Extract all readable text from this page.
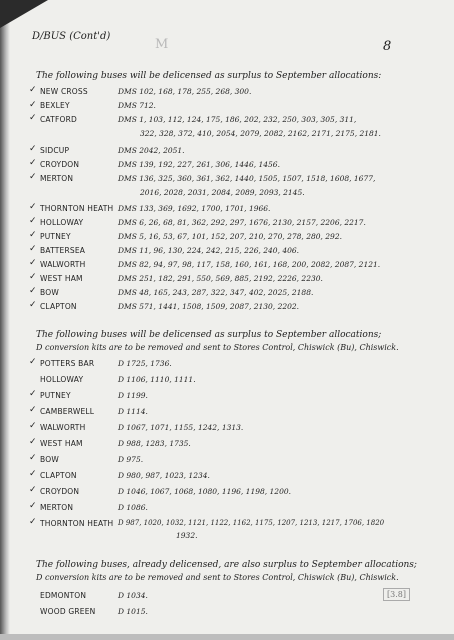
D/BUS (Cont'd)
M	8
The following buses will be delicensed as surplus to September allocations:
✓ NEW CROSS	DMS 102, 168, 178, 255, 268, 300.
✓ BEXLEY	DMS 712.
✓ CATFORD	DMS 1, 103, 112, 124, 175, 186, 202, 232, 250, 303, 305, 311,
322, 328, 372, 410, 2054, 2079, 2082, 2162, 2171, 2175, 2181.
✓ SIDCUP	DMS 2042, 2051.
✓ CROYDON	DMS 139, 192, 227, 261, 306, 1446, 1456.
✓ MERTON	DMS 136, 325, 360, 361, 362, 1440, 1505, 1507, 1518, 1608, 1677,
2016, 2028, 2031, 2084, 2089, 2093, 2145.
✓ THORNTON HEATH DMS 133, 369, 1692, 1700, 1701, 1966.
✓ HOLLOWAY	DMS 6, 26, 68, 81, 362, 292, 297, 1676, 2130, 2157, 2206, 2217.
✓ PUTNEY	DMS 5, 16, 53, 67, 101, 152, 207, 210, 270, 278, 280, 292.
✓ BATTERSEA	DMS 11, 96, 130, 224, 242, 215, 226, 240, 406.
✓ WALWORTH	DMS 82, 94, 97, 98, 117, 158, 160, 161, 168, 200, 2082, 2087, 2121.
✓ WEST HAM	DMS 251, 182, 291, 550, 569, 885, 2192, 2226, 2230.
✓ BOW	DMS 48, 165, 243, 287, 322, 347, 402, 2025, 2188.
✓ CLAPTON	DMS 571, 1441, 1508, 1509, 2087, 2130, 2202.
The following buses will be delicensed as surplus to September allocations;
D conversion kits are to be removed and sent to Stores Control, Chiswick (Bu), Chiswick.
✓ POTTERS BAR	D 1725, 1736.
HOLLOWAY	D 1106, 1110, 1111.
✓ PUTNEY	D 1199.
✓ CAMBERWELL	D 1114.
✓ WALWORTH	D 1067, 1071, 1155, 1242, 1313.
✓ WEST HAM	D 988, 1283, 1735.
✓ BOW	D 975.
✓ CLAPTON	D 980, 987, 1023, 1234.
✓ CROYDON	D 1046, 1067, 1068, 1080, 1196, 1198, 1200.
✓ MERTON	D 1086.
✓ THORNTON HEATH D 987, 1020, 1032, 1121, 1122, 1162, 1175, 1207, 1213, 1217, 1706, 1820
1932.
The following buses, already delicensed, are also surplus to September allocations;
D conversion kits are to be removed and sent to Stores Control, Chiswick (Bu), Chiswick.
EDMONTON	D 1034.
WOOD GREEN	D 1015.
[3.8]
